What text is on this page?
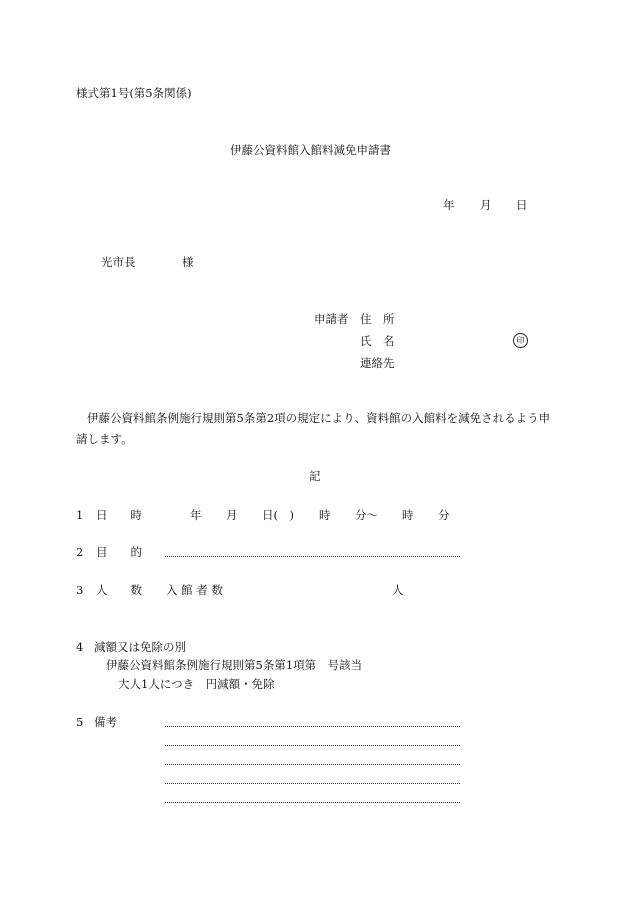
様式第1号(第5条関係)
伊藤公資料館入館料減免申請書
年 月 日
光市長	様
申請者 住　所
氏　名	印
連絡先
伊藤公資料館条例施行規則第5条第2項の規定により、資料館の入館料を減免されるよう申請します。
記
1 日　　時	年 月 日(　) 時 分～ 時 分
2 目　　的
3 人　　数 入 館 者 数	人
4 減額又は免除の別
伊藤公資料館条例施行規則第5条第1項第　号該当
大人1人につき　円減額・免除
5 備考
